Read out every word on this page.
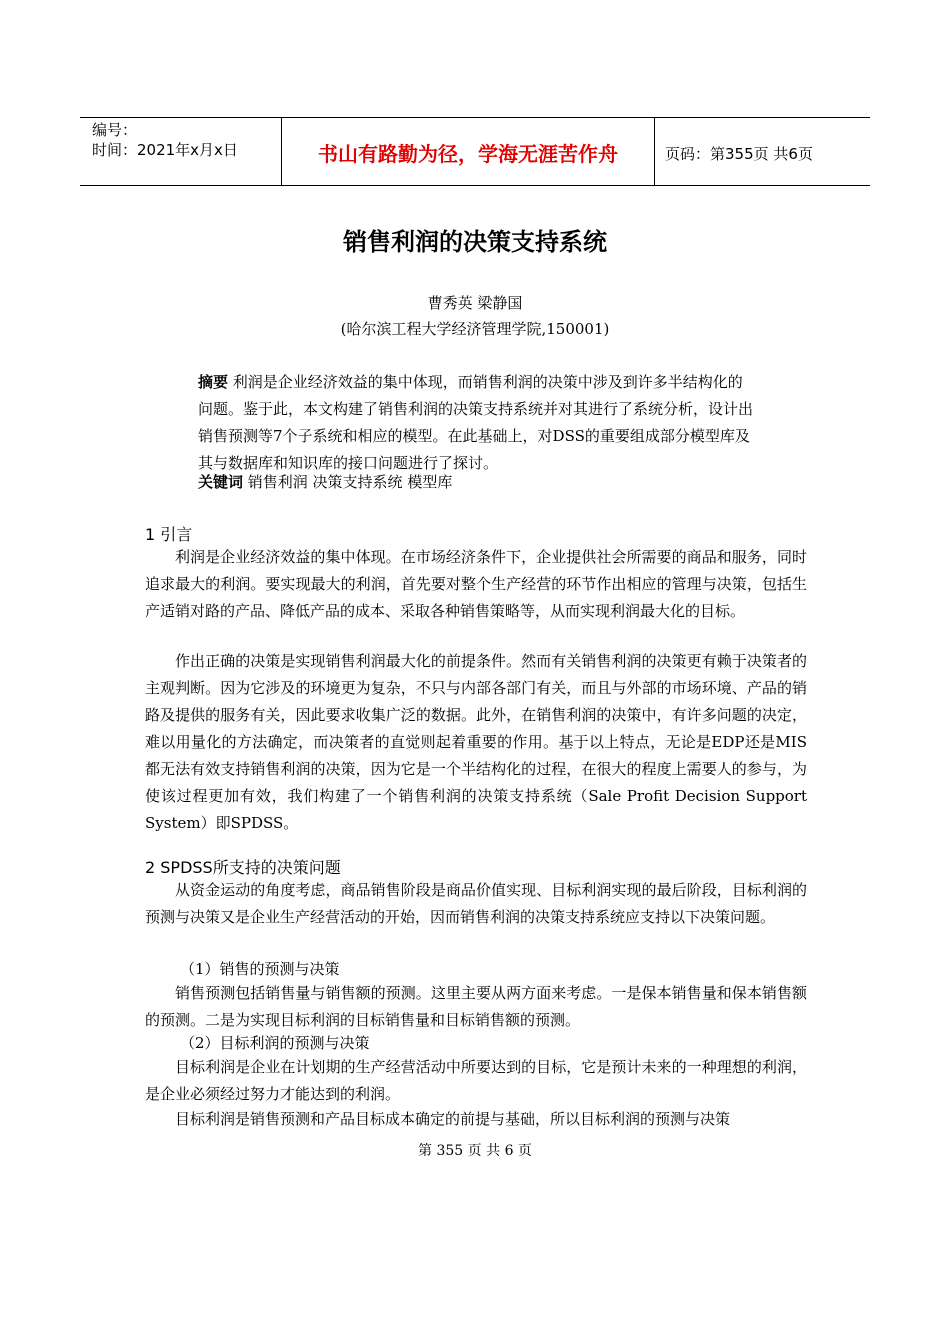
编号：
时间：2021年x月x日	书山有路勤为径，学海无涯苦作舟	页码：第355页 共6页
销售利润的决策支持系统
曹秀英 梁静国
(哈尔滨工程大学经济管理学院,150001)
摘要 利润是企业经济效益的集中体现，而销售利润的决策中涉及到许多半结构化的问题。鉴于此，本文构建了销售利润的决策支持系统并对其进行了系统分析，设计出销售预测等7个子系统和相应的模型。在此基础上，对DSS的重要组成部分模型库及其与数据库和知识库的接口问题进行了探讨。
关键词 销售利润 决策支持系统 模型库
1 引言
利润是企业经济效益的集中体现。在市场经济条件下，企业提供社会所需要的商品和服务，同时追求最大的利润。要实现最大的利润，首先要对整个生产经营的环节作出相应的管理与决策，包括生产适销对路的产品、降低产品的成本、采取各种销售策略等，从而实现利润最大化的目标。
作出正确的决策是实现销售利润最大化的前提条件。然而有关销售利润的决策更有赖于决策者的主观判断。因为它涉及的环境更为复杂，不只与内部各部门有关，而且与外部的市场环境、产品的销路及提供的服务有关，因此要求收集广泛的数据。此外，在销售利润的决策中，有许多问题的决定，难以用量化的方法确定，而决策者的直觉则起着重要的作用。基于以上特点，无论是EDP还是MIS都无法有效支持销售利润的决策，因为它是一个半结构化的过程，在很大的程度上需要人的参与，为使该过程更加有效，我们构建了一个销售利润的决策支持系统（Sale Profit Decision Support System）即SPDSS。
2 SPDSS所支持的决策问题
从资金运动的角度考虑，商品销售阶段是商品价值实现、目标利润实现的最后阶段，目标利润的预测与决策又是企业生产经营活动的开始，因而销售利润的决策支持系统应支持以下决策问题。
（1）销售的预测与决策
销售预测包括销售量与销售额的预测。这里主要从两方面来考虑。一是保本销售量和保本销售额的预测。二是为实现目标利润的目标销售量和目标销售额的预测。
（2）目标利润的预测与决策
目标利润是企业在计划期的生产经营活动中所要达到的目标，它是预计未来的一种理想的利润，是企业必须经过努力才能达到的利润。
目标利润是销售预测和产品目标成本确定的前提与基础，所以目标利润的预测与决策
第 355 页 共 6 页
